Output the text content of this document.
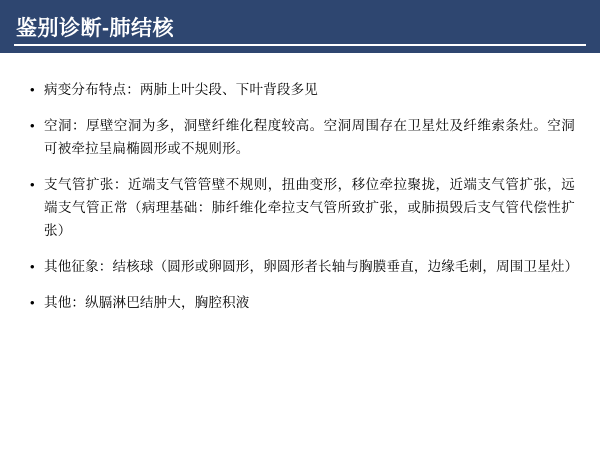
鉴别诊断-肺结核
• 病变分布特点：两肺上叶尖段、下叶背段多见
• 空洞：厚壁空洞为多，洞壁纤维化程度较高。空洞周围存在卫星灶及纤维索条灶。空洞可被牵拉呈扁椭圆形或不规则形。
• 支气管扩张：近端支气管管壁不规则，扭曲变形，移位牵拉聚拢，近端支气管扩张，远端支气管正常（病理基础：肺纤维化牵拉支气管所致扩张，或肺损毁后支气管代偿性扩张）
• 其他征象：结核球（圆形或卵圆形，卵圆形者长轴与胸膜垂直，边缘毛刺，周围卫星灶）
• 其他：纵膈淋巴结肿大，胸腔积液
